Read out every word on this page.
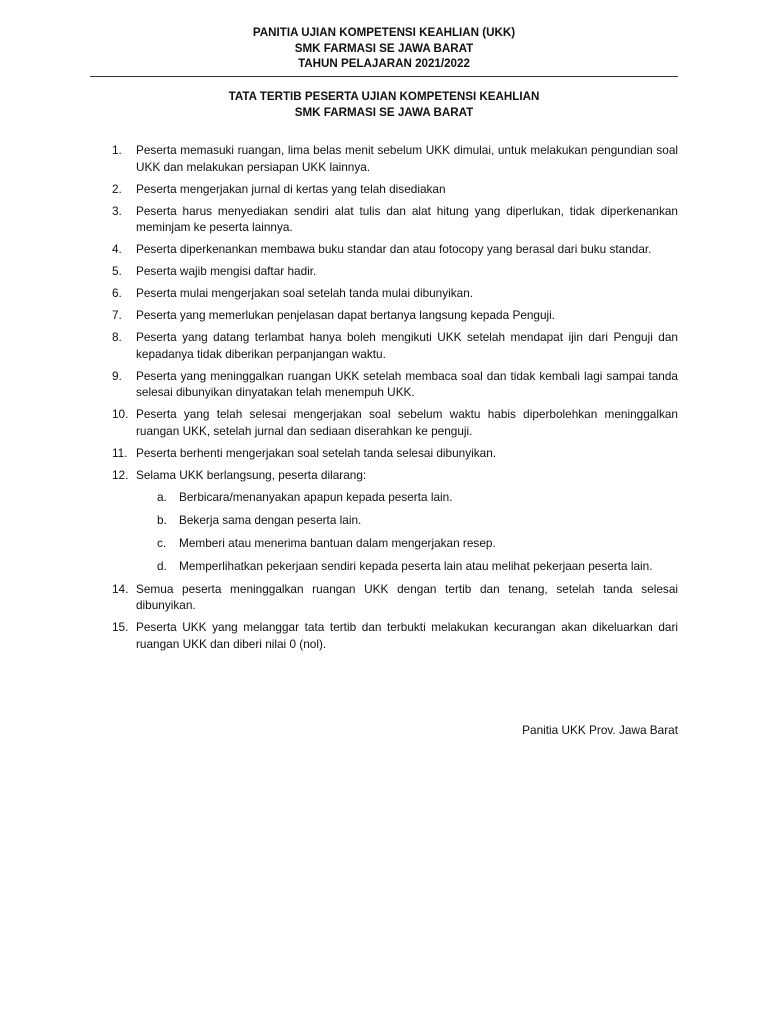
PANITIA UJIAN KOMPETENSI KEAHLIAN (UKK)
SMK FARMASI SE JAWA BARAT
TAHUN PELAJARAN 2021/2022
TATA TERTIB PESERTA UJIAN KOMPETENSI KEAHLIAN
SMK FARMASI SE JAWA BARAT
1.	Peserta memasuki ruangan, lima belas menit sebelum UKK dimulai, untuk melakukan pengundian soal UKK dan melakukan persiapan UKK lainnya.
2.	Peserta mengerjakan jurnal di kertas yang telah disediakan
3.	Peserta harus menyediakan sendiri alat tulis dan alat hitung yang diperlukan, tidak diperkenankan meminjam ke peserta lainnya.
4.	Peserta diperkenankan membawa buku standar dan atau fotocopy yang berasal dari buku standar.
5.	Peserta wajib mengisi daftar hadir.
6.	Peserta mulai mengerjakan soal setelah tanda mulai dibunyikan.
7.	Peserta yang memerlukan penjelasan dapat bertanya langsung kepada Penguji.
8.	Peserta yang datang terlambat hanya boleh mengikuti UKK setelah mendapat ijin dari Penguji dan kepadanya tidak diberikan perpanjangan waktu.
9.	Peserta yang meninggalkan ruangan UKK setelah membaca soal dan tidak kembali lagi sampai tanda selesai dibunyikan dinyatakan telah menempuh UKK.
10. Peserta yang telah selesai mengerjakan soal sebelum waktu habis diperbolehkan meninggalkan ruangan UKK, setelah jurnal dan sediaan diserahkan ke penguji.
11. Peserta berhenti mengerjakan soal setelah tanda selesai dibunyikan.
12. Selama UKK berlangsung, peserta dilarang:
a.	Berbicara/menanyakan apapun kepada peserta lain.
b.	Bekerja sama dengan peserta lain.
c.	Memberi atau menerima bantuan dalam mengerjakan resep.
d.	Memperlihatkan pekerjaan sendiri kepada peserta lain atau melihat pekerjaan peserta lain.
14. Semua peserta meninggalkan ruangan UKK dengan tertib dan tenang, setelah tanda selesai dibunyikan.
15. Peserta UKK yang melanggar tata tertib dan terbukti melakukan kecurangan akan dikeluarkan dari ruangan UKK dan diberi nilai 0 (nol).
Panitia UKK Prov. Jawa Barat
